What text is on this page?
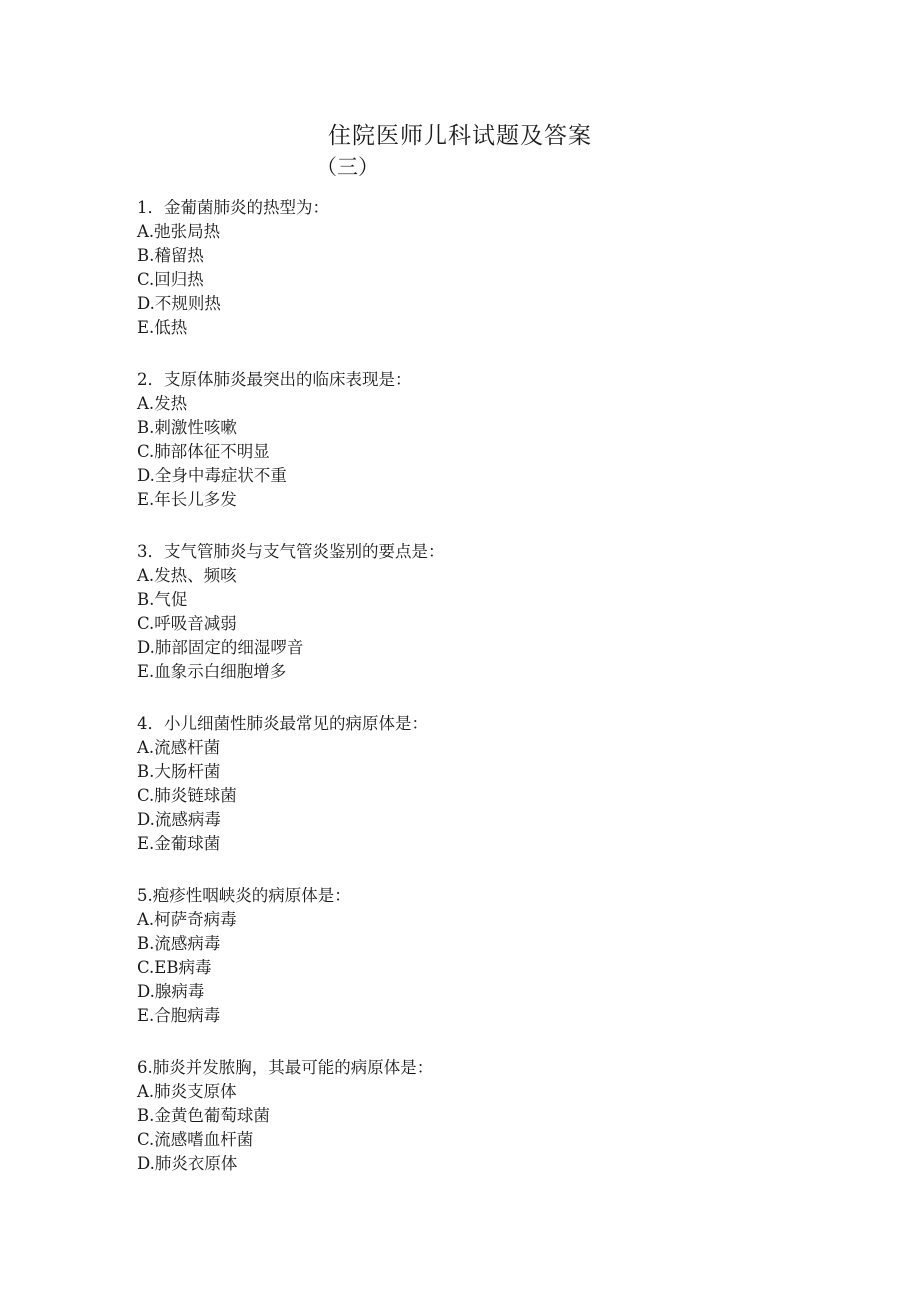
住院医师儿科试题及答案
（三）
1．金葡菌肺炎的热型为：
A.弛张局热
B.稽留热
C.回归热
D.不规则热
E.低热
2．支原体肺炎最突出的临床表现是：
A.发热
B.刺激性咳嗽
C.肺部体征不明显
D.全身中毒症状不重
E.年长儿多发
3．支气管肺炎与支气管炎鉴别的要点是：
A.发热、频咳
B.气促
C.呼吸音减弱
D.肺部固定的细湿啰音
E.血象示白细胞增多
4．小儿细菌性肺炎最常见的病原体是：
A.流感杆菌
B.大肠杆菌
C.肺炎链球菌
D.流感病毒
E.金葡球菌
5.疱疹性咽峡炎的病原体是：
A.柯萨奇病毒
B.流感病毒
C.EB病毒
D.腺病毒
E.合胞病毒
6.肺炎并发脓胸，其最可能的病原体是：
A.肺炎支原体
B.金黄色葡萄球菌
C.流感嗜血杆菌
D.肺炎衣原体
